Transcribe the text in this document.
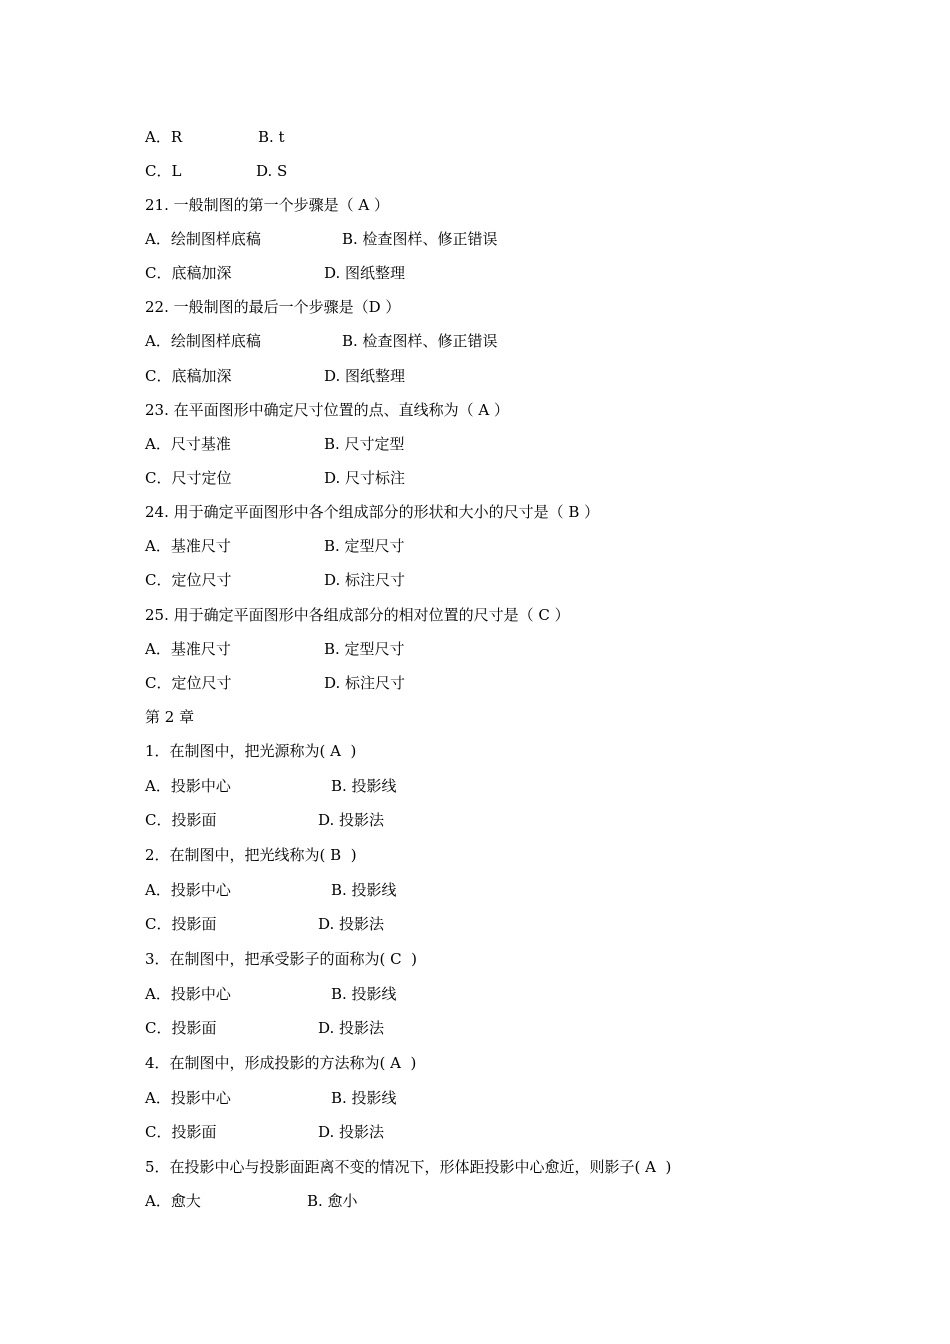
A．R	B. t
C．L	D. S
21. 一般制图的第一个步骤是（ A ）
A．绘制图样底稿	B. 检查图样、修正错误
C．底稿加深	D. 图纸整理
22. 一般制图的最后一个步骤是（D ）
A．绘制图样底稿	B. 检查图样、修正错误
C．底稿加深	D. 图纸整理
23. 在平面图形中确定尺寸位置的点、直线称为（ A ）
A．尺寸基准	B. 尺寸定型
C．尺寸定位	D. 尺寸标注
24. 用于确定平面图形中各个组成部分的形状和大小的尺寸是（ B ）
A．基准尺寸	B. 定型尺寸
C．定位尺寸	D. 标注尺寸
25. 用于确定平面图形中各组成部分的相对位置的尺寸是（ C ）
A．基准尺寸	B. 定型尺寸
C．定位尺寸	D. 标注尺寸
第 2 章
1．在制图中，把光源称为( A  )
A．投影中心	B. 投影线
C．投影面	D. 投影法
2．在制图中，把光线称为( B  )
A．投影中心	B. 投影线
C．投影面	D. 投影法
3．在制图中，把承受影子的面称为( C  )
A．投影中心	B. 投影线
C．投影面	D. 投影法
4．在制图中，形成投影的方法称为( A  )
A．投影中心	B. 投影线
C．投影面	D. 投影法
5．在投影中心与投影面距离不变的情况下，形体距投影中心愈近，则影子( A  )
A．愈大	B. 愈小
